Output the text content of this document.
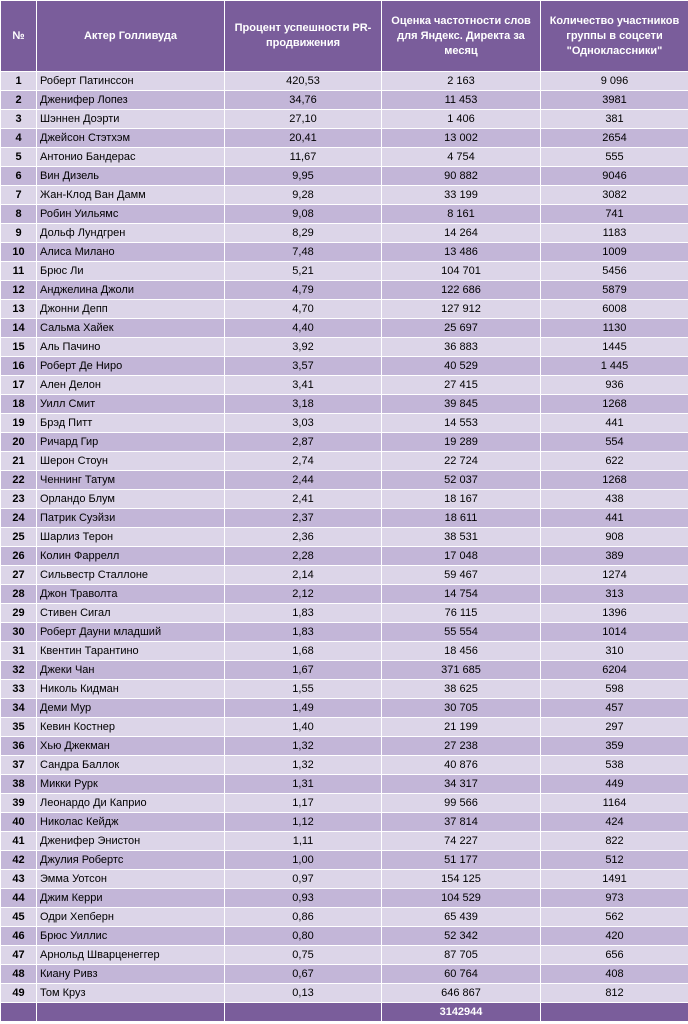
№	Актер Голливуда	Процент успешности PR-продвижения	Оценка частотности слов для Яндекс. Директа за месяц	Количество участников группы в соцсети "Одноклассники"
1	Роберт Патинссон	420,53	2 163	9 096
2	Дженифер Лопез	34,76	11 453	3981
3	Шэннен Доэрти	27,10	1 406	381
4	Джейсон Стэтхэм	20,41	13 002	2654
5	Антонио Бандерас	11,67	4 754	555
6	Вин Дизель	9,95	90 882	9046
7	Жан-Клод Ван Дамм	9,28	33 199	3082
8	Робин Уильямс	9,08	8 161	741
9	Дольф Лундгрен	8,29	14 264	1183
10	Алиса Милано	7,48	13 486	1009
11	Брюс Ли	5,21	104 701	5456
12	Анджелина Джоли	4,79	122 686	5879
13	Джонни Депп	4,70	127 912	6008
14	Сальма Хайек	4,40	25 697	1130
15	Аль Пачино	3,92	36 883	1445
16	Роберт Де Ниро	3,57	40 529	1 445
17	Ален Делон	3,41	27 415	936
18	Уилл Смит	3,18	39 845	1268
19	Брэд Питт	3,03	14 553	441
20	Ричард Гир	2,87	19 289	554
21	Шерон Стоун	2,74	22 724	622
22	Ченнинг Татум	2,44	52 037	1268
23	Орландо Блум	2,41	18 167	438
24	Патрик Суэйзи	2,37	18 611	441
25	Шарлиз Терон	2,36	38 531	908
26	Колин Фаррелл	2,28	17 048	389
27	Сильвестр Сталлоне	2,14	59 467	1274
28	Джон Траволта	2,12	14 754	313
29	Стивен Сигал	1,83	76 115	1396
30	Роберт Дауни младший	1,83	55 554	1014
31	Квентин Тарантино	1,68	18 456	310
32	Джеки Чан	1,67	371 685	6204
33	Николь Кидман	1,55	38 625	598
34	Деми Мур	1,49	30 705	457
35	Кевин Костнер	1,40	21 199	297
36	Хью Джекман	1,32	27 238	359
37	Сандра Баллок	1,32	40 876	538
38	Микки Рурк	1,31	34 317	449
39	Леонардо Ди Каприо	1,17	99 566	1164
40	Николас Кейдж	1,12	37 814	424
41	Дженифер Энистон	1,11	74 227	822
42	Джулия Робертс	1,00	51 177	512
43	Эмма Уотсон	0,97	154 125	1491
44	Джим Керри	0,93	104 529	973
45	Одри Хепберн	0,86	65 439	562
46	Брюс Уиллис	0,80	52 342	420
47	Арнольд Шварценеггер	0,75	87 705	656
48	Киану Ривз	0,67	60 764	408
49	Том Круз	0,13	646 867	812
			3142944	
